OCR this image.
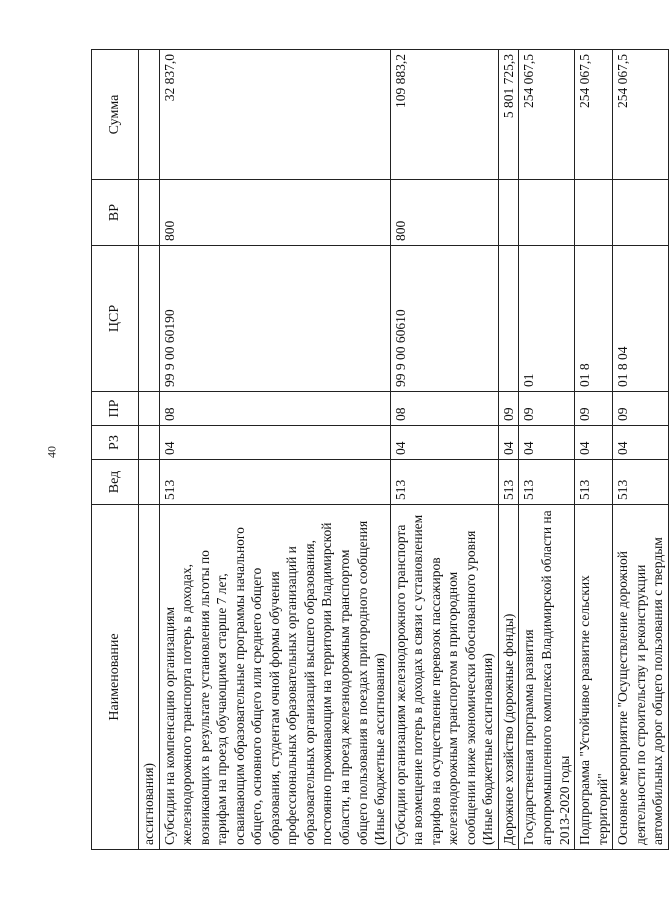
40
Наименование	Вед	РЗ	ПР	ЦСР	ВР	Сумма
ассигнования)						
Субсидии на компенсацию организациям железнодорожного транспорта потерь в доходах, возникающих в результате установления льготы по тарифам на проезд обучающимся старше 7 лет, осваивающим образовательные программы начального общего, основного общего или среднего общего образования, студентам очной формы обучения профессиональных образовательных организаций и образовательных организаций высшего образования, постоянно проживающим на территории Владимирской области, на проезд железнодорожным транспортом общего пользования в поездах пригородного сообщения (Иные бюджетные ассигнования)	513	04	08	99 9 00 60190	800	32 837,0
Субсидии организациям железнодорожного транспорта на возмещение потерь в доходах в связи с установлением тарифов на осуществление перевозок пассажиров железнодорожным транспортом в пригородном сообщении ниже экономически обоснованного уровня (Иные бюджетные ассигнования)	513	04	08	99 9 00 60610	800	109 883,2
Дорожное хозяйство (дорожные фонды)	513	04	09			5 801 725,3
Государственная программа развития агропромышленного комплекса Владимирской области на 2013-2020 годы	513	04	09	01		254 067,5
Подпрограмма "Устойчивое развитие сельских территорий"	513	04	09	01 8		254 067,5
Основное мероприятие "Осуществление дорожной деятельности по строительству и реконструкции автомобильных дорог общего пользования с твердым	513	04	09	01 8 04		254 067,5
